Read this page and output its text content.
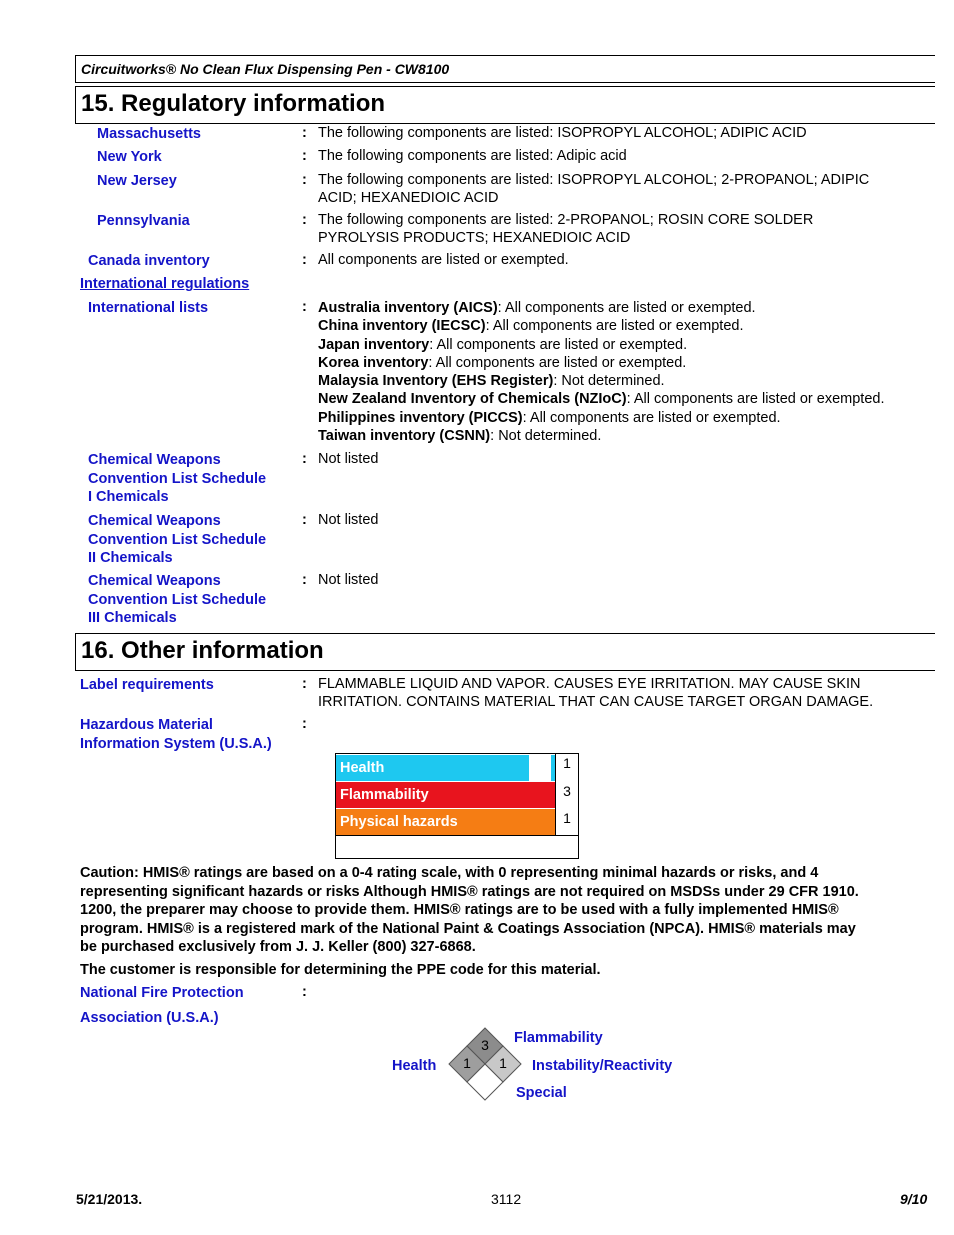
Circuitworks® No Clean Flux Dispensing Pen - CW8100
15. Regulatory information
Massachusetts	: The following components are listed: ISOPROPYL ALCOHOL; ADIPIC ACID
New York	: The following components are listed: Adipic acid
New Jersey	: The following components are listed: ISOPROPYL ALCOHOL; 2-PROPANOL; ADIPIC
ACID; HEXANEDIOIC ACID
Pennsylvania	: The following components are listed: 2-PROPANOL; ROSIN CORE SOLDER
PYROLYSIS PRODUCTS; HEXANEDIOIC ACID
Canada inventory	: All components are listed or exempted.
International regulations
International lists	: Australia inventory (AICS): All components are listed or exempted.
China inventory (IECSC): All components are listed or exempted.
Japan inventory: All components are listed or exempted.
Korea inventory: All components are listed or exempted.
Malaysia Inventory (EHS Register): Not determined.
New Zealand Inventory of Chemicals (NZIoC): All components are listed or exempted.
Philippines inventory (PICCS): All components are listed or exempted.
Taiwan inventory (CSNN): Not determined.
Chemical Weapons
Convention List Schedule
I Chemicals
: Not listed
Chemical Weapons
Convention List Schedule
II Chemicals
: Not listed
Chemical Weapons
Convention List Schedule
III Chemicals
: Not listed
16. Other information
Label requirements	: FLAMMABLE LIQUID AND VAPOR. CAUSES EYE IRRITATION. MAY CAUSE SKIN
IRRITATION. CONTAINS MATERIAL THAT CAN CAUSE TARGET ORGAN DAMAGE.
Hazardous Material
Information System (U.S.A.)
:
Health	1
Flammability	3
Physical hazards	1
Caution: HMIS® ratings are based on a 0-4 rating scale, with 0 representing minimal hazards or risks, and 4
representing significant hazards or risks Although HMIS® ratings are not required on MSDSs under 29 CFR 1910.
1200, the preparer may choose to provide them. HMIS® ratings are to be used with a fully implemented HMIS®
program. HMIS® is a registered mark of the National Paint & Coatings Association (NPCA). HMIS® materials may
be purchased exclusively from J. J. Keller (800) 327-6868.
The customer is responsible for determining the PPE code for this material.
National Fire Protection
Association (U.S.A.)
:
3
1 1
Flammability
Health	Instability/Reactivity
Special
5/21/2013.	3112	9/10
